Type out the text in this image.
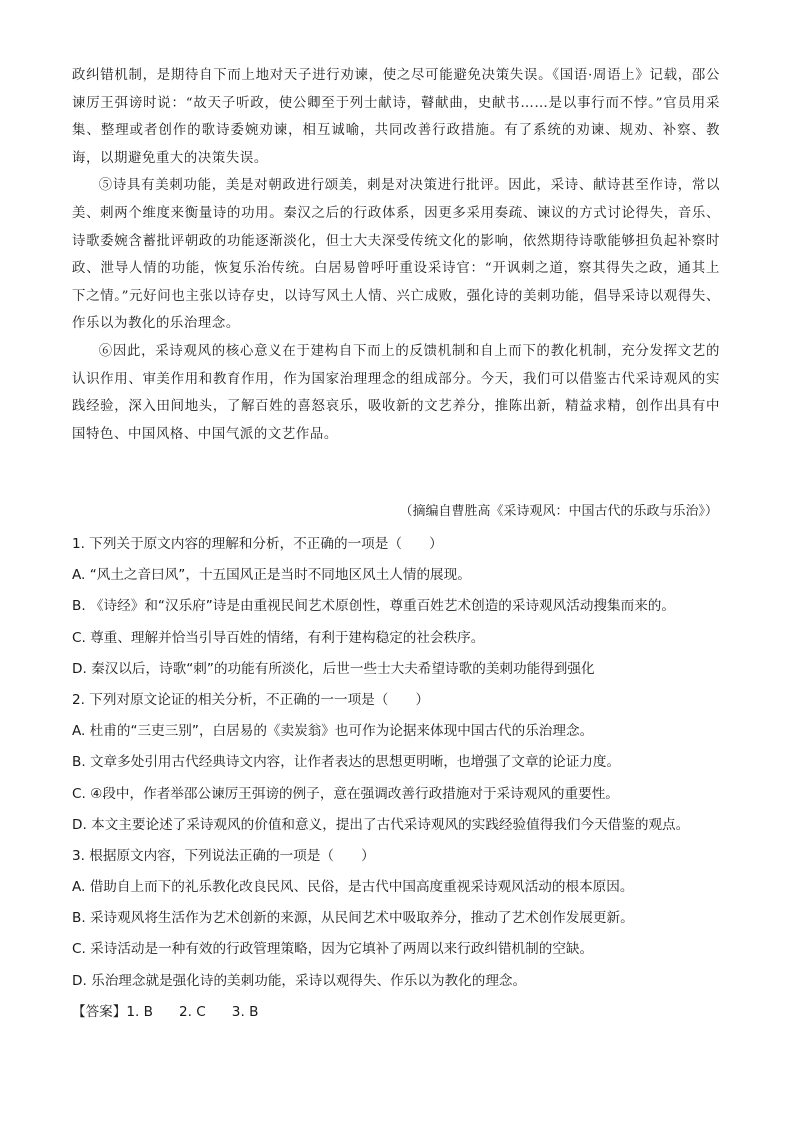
政纠错机制，是期待自下而上地对天子进行劝谏，使之尽可能避免决策失误。《国语·周语上》记载，邵公谏厉王弭谤时说：“故天子听政，使公卿至于列士献诗，瞽献曲，史献书……是以事行而不悖。”官员用采集、整理或者创作的歌诗委婉劝谏，相互诚喻，共同改善行政措施。有了系统的劝谏、规劝、补察、教诲，以期避免重大的决策失误。

⑤诗具有美刺功能，美是对朝政进行颂美，刺是对决策进行批评。因此，采诗、献诗甚至作诗，常以美、刺两个维度来衡量诗的功用。秦汉之后的行政体系，因更多采用奏疏、谏议的方式讨论得失，音乐、诗歌委婉含蓄批评朝政的功能逐渐淡化，但士大夫深受传统文化的影响，依然期待诗歌能够担负起补察时政、泄导人情的功能，恢复乐治传统。白居易曾呼吁重设采诗官：“开讽刺之道，察其得失之政，通其上下之情。”元好问也主张以诗存史，以诗写风土人情、兴亡成败，强化诗的美刺功能，倡导采诗以观得失、作乐以为教化的乐治理念。

⑥因此，采诗观风的核心意义在于建构自下而上的反馈机制和自上而下的教化机制，充分发挥文艺的认识作用、审美作用和教育作用，作为国家治理理念的组成部分。今天，我们可以借鉴古代采诗观风的实践经验，深入田间地头，了解百姓的喜怒哀乐，吸收新的文艺养分，推陈出新，精益求精，创作出具有中国特色、中国风格、中国气派的文艺作品。

（摘编自曹胜高《采诗观风：中国古代的乐政与乐治》）
1. 下列关于原文内容的理解和分析，不正确的一项是（　　）
A. “风土之音曰风”，十五国风正是当时不同地区风土人情的展现。
B. 《诗经》和“汉乐府”诗是由重视民间艺术原创性，尊重百姓艺术创造的采诗观风活动搜集而来的。
C. 尊重、理解并恰当引导百姓的情绪，有利于建构稳定的社会秩序。
D. 秦汉以后，诗歌“刺”的功能有所淡化，后世一些士大夫希望诗歌的美刺功能得到强化
2. 下列对原文论证的相关分析，不正确的一一项是（　　）
A. 杜甫的“三吏三别”，白居易的《卖炭翁》也可作为论据来体现中国古代的乐治理念。
B. 文章多处引用古代经典诗文内容，让作者表达的思想更明晰，也增强了文章的论证力度。
C. ④段中，作者举邵公谏厉王弭谤的例子，意在强调改善行政措施对于采诗观风的重要性。
D. 本文主要论述了采诗观风的价值和意义，提出了古代采诗观风的实践经验值得我们今天借鉴的观点。
3. 根据原文内容，下列说法正确的一项是（　　）
A. 借助自上而下的礼乐教化改良民风、民俗，是古代中国高度重视采诗观风活动的根本原因。
B. 采诗观风将生活作为艺术创新的来源，从民间艺术中吸取养分，推动了艺术创作发展更新。
C. 采诗活动是一种有效的行政管理策略，因为它填补了两周以来行政纠错机制的空缺。
D. 乐治理念就是强化诗的美刺功能，采诗以观得失、作乐以为教化的理念。
【答案】1. B 2. C 3. B
